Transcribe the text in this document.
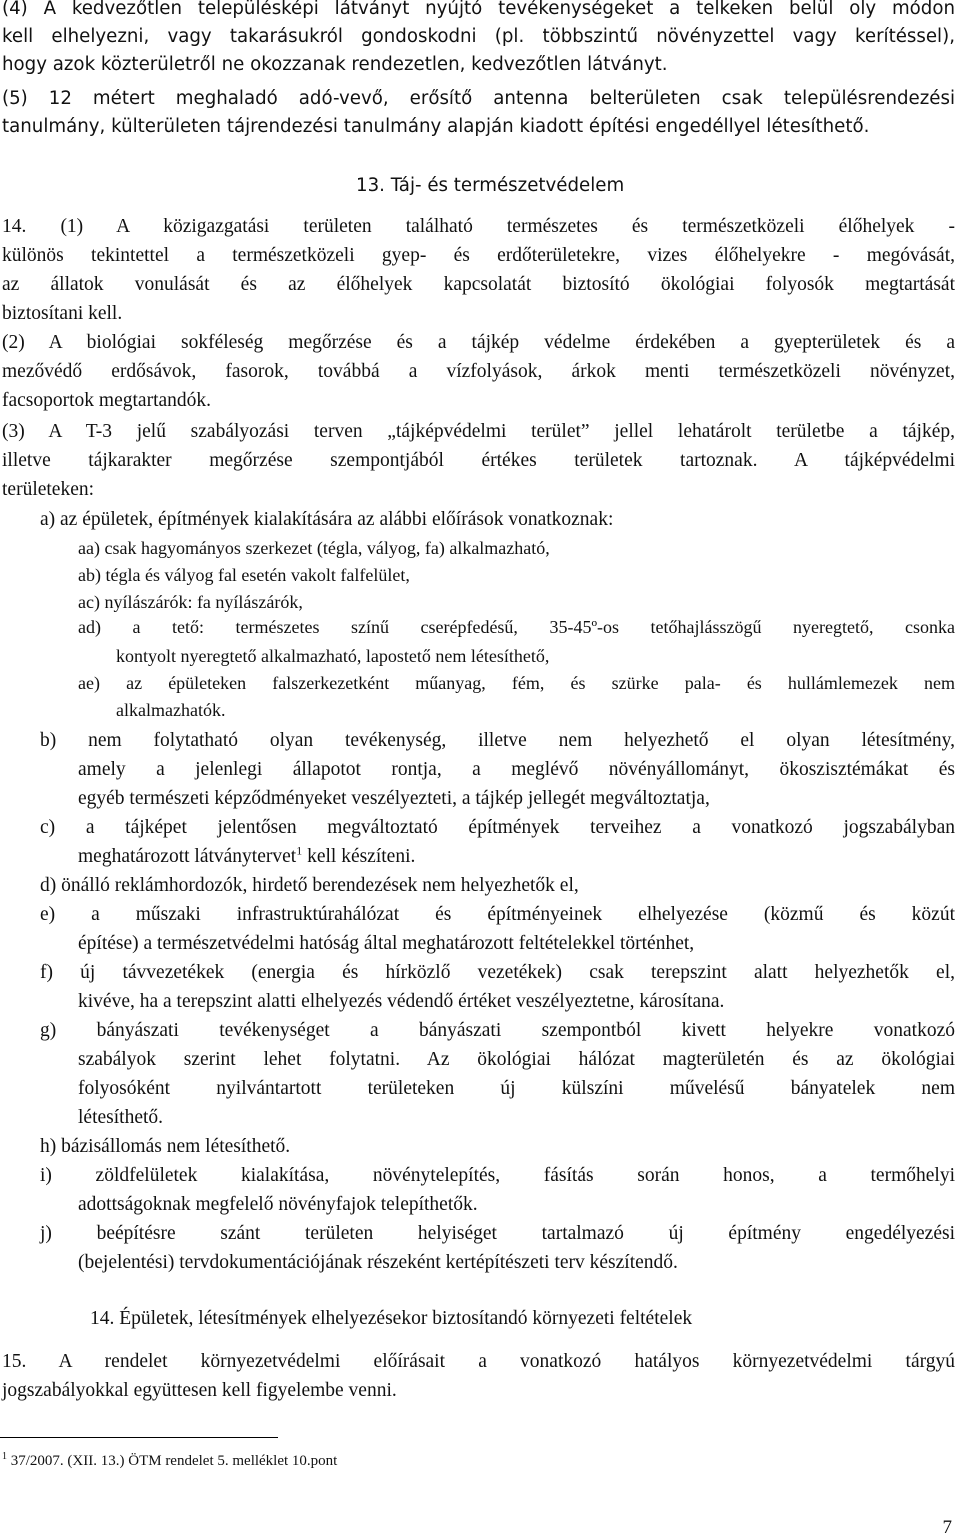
(4) A kedvezőtlen településképi látványt nyújtó tevékenységeket a telkeken belül oly módon
kell elhelyezni, vagy takarásukról gondoskodni (pl. többszintű növényzettel vagy kerítéssel),
hogy azok közterületről ne okozzanak rendezetlen, kedvezőtlen látványt.
(5) 12 métert meghaladó adó-vevő, erősítő antenna belterületen csak településrendezési
tanulmány, külterületen tájrendezési tanulmány alapján kiadott építési engedéllyel létesíthető.
13. Táj- és természetvédelem
14. (1) A közigazgatási területen található természetes és természetközeli élőhelyek -
különös tekintettel a természetközeli gyep- és erdőterületekre, vizes élőhelyekre - megóvását,
az állatok vonulását és az élőhelyek kapcsolatát biztosító ökológiai folyosók megtartását
biztosítani kell.
(2) A biológiai sokféleség megőrzése és a tájkép védelme érdekében a gyepterületek és a
mezővédő erdősávok, fasorok, továbbá a vízfolyások, árkok menti természetközeli növényzet,
facsoportok megtartandók.
(3) A T-3 jelű szabályozási terven „tájképvédelmi terület” jellel lehatárolt területbe a tájkép,
illetve tájkarakter megőrzése szempontjából értékes területek tartoznak. A tájképvédelmi
területeken:
a) az épületek, építmények kialakítására az alábbi előírások vonatkoznak:
aa) csak hagyományos szerkezet (tégla, vályog, fa) alkalmazható,
ab) tégla és vályog fal esetén vakolt falfelület,
ac) nyílászárók: fa nyílászárók,
ad) a tető: természetes színű cserépfedésű, 35-45º-os tetőhajlásszögű nyeregtető, csonka
kontyolt nyeregtető alkalmazható, lapostető nem létesíthető,
ae) az épületeken falszerkezetként műanyag, fém, és szürke pala- és hullámlemezek nem
alkalmazhatók.
b) nem folytatható olyan tevékenység, illetve nem helyezhető el olyan létesítmény,
amely a jelenlegi állapotot rontja, a meglévő növényállományt, ökoszisztémákat és
egyéb természeti képződményeket veszélyezteti, a tájkép jellegét megváltoztatja,
c) a tájképet jelentősen megváltoztató építmények terveihez a vonatkozó jogszabályban
meghatározott látványtervet$^1$ kell készíteni.
d) önálló reklámhordozók, hirdető berendezések nem helyezhetők el,
e) a műszaki infrastruktúrahálózat és építményeinek elhelyezése (közmű és közút
építése) a természetvédelmi hatóság által meghatározott feltételekkel történhet,
f) új távvezetékek (energia és hírközlő vezetékek) csak terepszint alatt helyezhetők el,
kivéve, ha a terepszint alatti elhelyezés védendő értéket veszélyeztetne, károsítana.
g) bányászati tevékenységet a bányászati szempontból kivett helyekre vonatkozó
szabályok szerint lehet folytatni. Az ökológiai hálózat magterületén és az ökológiai
folyosóként nyilvántartott területeken új külszíni művelésű bányatelek nem
létesíthető.
h) bázisállomás nem létesíthető.
i) zöldfelületek kialakítása, növénytelepítés, fásítás során honos, a termőhelyi
adottságoknak megfelelő növényfajok telepíthetők.
j) beépítésre szánt területen helyiséget tartalmazó új építmény engedélyezési
(bejelentési) tervdokumentációjának részeként kertépítészeti terv készítendő.
14. Épületek, létesítmények elhelyezésekor biztosítandó környezeti feltételek
15. A rendelet környezetvédelmi előírásait a vonatkozó hatályos környezetvédelmi tárgyú
jogszabályokkal együttesen kell figyelembe venni.
$^1$ 37/2007. (XII. 13.) ÖTM rendelet 5. melléklet 10.pont
7
